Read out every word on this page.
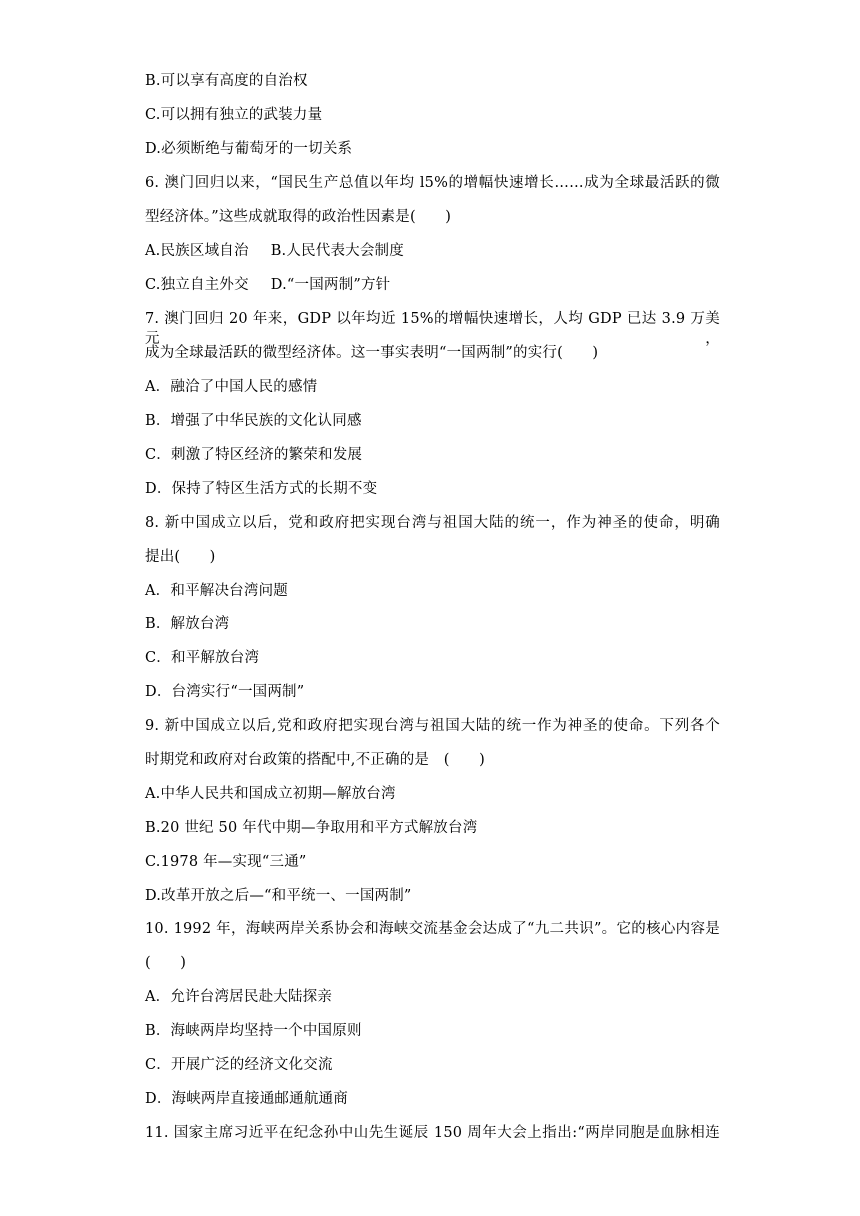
B.可以享有高度的自治权
C.可以拥有独立的武装力量
D.必须断绝与葡萄牙的一切关系
6. 澳门回归以来，“国民生产总值以年均 l5%的增幅快速增长……成为全球最活跃的微
型经济体。”这些成就取得的政治性因素是(　　)
A.民族区域自治 B.人民代表大会制度
C.独立自主外交 D.“一国两制”方针
7. 澳门回归 20 年来，GDP 以年均近 15%的增幅快速增长，人均 GDP 已达 3.9 万美元，
成为全球最活跃的微型经济体。这一事实表明“一国两制”的实行(　　)
A．融洽了中国人民的感情
B．增强了中华民族的文化认同感
C．刺激了特区经济的繁荣和发展
D．保持了特区生活方式的长期不变
8. 新中国成立以后，党和政府把实现台湾与祖国大陆的统一，作为神圣的使命，明确
提出(　　)
A．和平解决台湾问题
B．解放台湾
C．和平解放台湾
D．台湾实行“一国两制”
9. 新中国成立以后,党和政府把实现台湾与祖国大陆的统一作为神圣的使命。下列各个
时期党和政府对台政策的搭配中,不正确的是　(　　)
A.中华人民共和国成立初期—解放台湾
B.20 世纪 50 年代中期—争取用和平方式解放台湾
C.1978 年—实现“三通”
D.改革开放之后—“和平统一、一国两制”
10. 1992 年，海峡两岸关系协会和海峡交流基金会达成了“九二共识”。它的核心内容是
(　　)
A．允许台湾居民赴大陆探亲
B．海峡两岸均坚持一个中国原则
C．开展广泛的经济文化交流
D．海峡两岸直接通邮通航通商
11. 国家主席习近平在纪念孙中山先生诞辰 150 周年大会上指出:“两岸同胞是血脉相连
